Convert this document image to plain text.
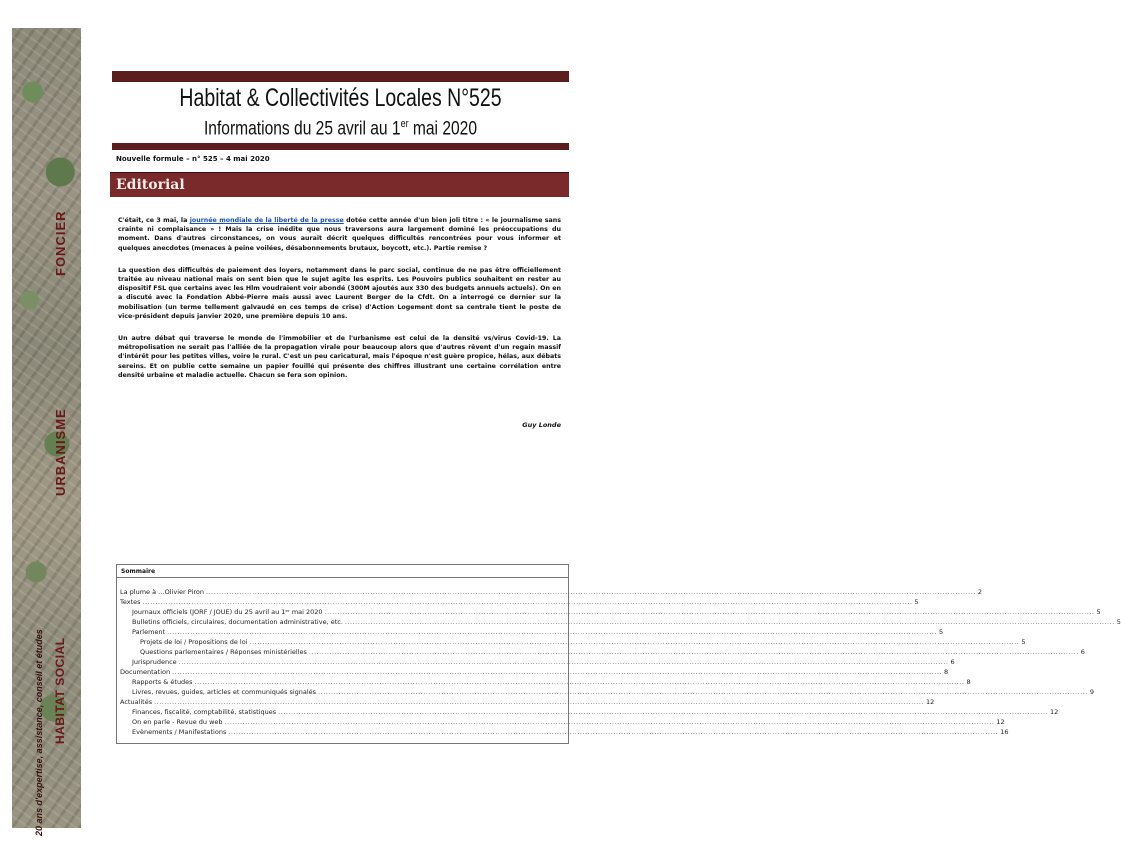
FONCIER
URBANISME
HABITAT SOCIAL
20 ans d'expertise, assistance, conseil et études
Habitat & Collectivités Locales N°525
Informations du 25 avril au 1er mai 2020
Nouvelle formule – n° 525 – 4 mai 2020
Editorial

C'était, ce 3 mai, la journée mondiale de la liberté de la presse dotée cette année d'un bien joli titre : « le journalisme sans crainte ni complaisance » ! Mais la crise inédite que nous traversons aura largement dominé les préoccupations du moment. Dans d'autres circonstances, on vous aurait décrit quelques difficultés rencontrées pour vous informer et quelques anecdotes (menaces à peine voilées, désabonnements brutaux, boycott, etc.). Partie remise ?

La question des difficultés de paiement des loyers, notamment dans le parc social, continue de ne pas être officiellement traitée au niveau national mais on sent bien que le sujet agite les esprits. Les Pouvoirs publics souhaitent en rester au dispositif FSL que certains avec les Hlm voudraient voir abondé (300M ajoutés aux 330 des budgets annuels actuels). On en a discuté avec la Fondation Abbé-Pierre mais aussi avec Laurent Berger de la Cfdt. On a interrogé ce dernier sur la mobilisation (un terme tellement galvaudé en ces temps de crise) d'Action Logement dont sa centrale tient le poste de vice-président depuis janvier 2020, une première depuis 10 ans.

Un autre débat qui traverse le monde de l'immobilier et de l'urbanisme est celui de la densité vs/virus Covid-19. La métropolisation ne serait pas l'alliée de la propagation virale pour beaucoup alors que d'autres rêvent d'un regain massif d'intérêt pour les petites villes, voire le rural. C'est un peu caricatural, mais l'époque n'est guère propice, hélas, aux débats sereins. Et on publie cette semaine un papier fouillé qui présente des chiffres illustrant une certaine corrélation entre densité urbaine et maladie actuelle. Chacun se fera son opinion.

Guy Londe
Sommaire
La plume à …Olivier Piron ............................................................................................................................................................................................................................................................................................................ 2
Textes ............................................................................................................................................................................................................................................................................................................ 5
Journaux officiels (JORF / JOUE) du 25 avril au 1ᵉʳ mai 2020 ............................................................................................................................................................................................................................................................................................................ 5
Bulletins officiels, circulaires, documentation administrative, etc. ............................................................................................................................................................................................................................................................................................................ 5
Parlement ............................................................................................................................................................................................................................................................................................................ 5
Projets de loi / Propositions de loi ............................................................................................................................................................................................................................................................................................................ 5
Questions parlementaires / Réponses ministérielles ............................................................................................................................................................................................................................................................................................................ 6
Jurisprudence ............................................................................................................................................................................................................................................................................................................ 6
Documentation ............................................................................................................................................................................................................................................................................................................ 8
Rapports & études ............................................................................................................................................................................................................................................................................................................ 8
Livres, revues, guides, articles et communiqués signalés ............................................................................................................................................................................................................................................................................................................ 9
Actualités ............................................................................................................................................................................................................................................................................................................ 12
Finances, fiscalité, comptabilité, statistiques ............................................................................................................................................................................................................................................................................................................ 12
On en parle - Revue du web ............................................................................................................................................................................................................................................................................................................ 12
Evènements / Manifestations ............................................................................................................................................................................................................................................................................................................ 16
